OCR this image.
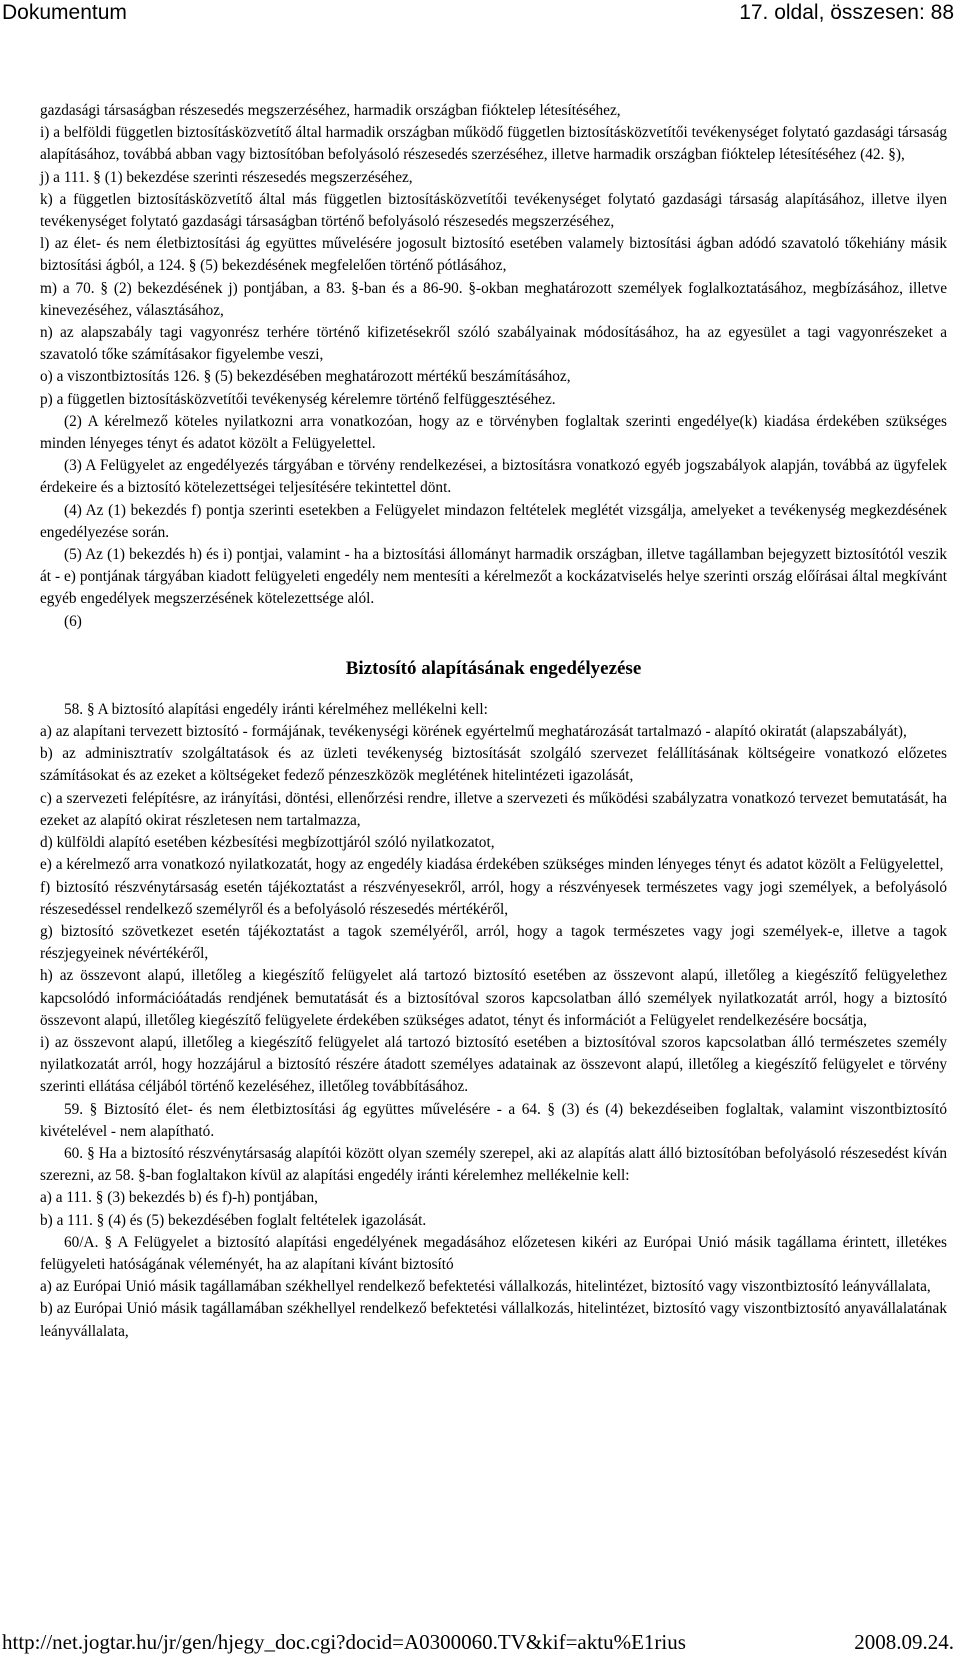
Dokumentum	17. oldal, összesen: 88

gazdasági társaságban részesedés megszerzéséhez, harmadik országban fióktelep létesítéséhez,

i) a belföldi független biztosításközvetítő által harmadik országban működő független biztosításközvetítői tevékenységet folytató gazdasági társaság alapításához, továbbá abban vagy biztosítóban befolyásoló részesedés szerzéséhez, illetve harmadik országban fióktelep létesítéséhez (42. §),

j) a 111. § (1) bekezdése szerinti részesedés megszerzéséhez,

k) a független biztosításközvetítő által más független biztosításközvetítői tevékenységet folytató gazdasági társaság alapításához, illetve ilyen tevékenységet folytató gazdasági társaságban történő befolyásoló részesedés megszerzéséhez,

l) az élet- és nem életbiztosítási ág együttes művelésére jogosult biztosító esetében valamely biztosítási ágban adódó szavatoló tőkehiány másik biztosítási ágból, a 124. § (5) bekezdésének megfelelően történő pótlásához,

m) a 70. § (2) bekezdésének j) pontjában, a 83. §-ban és a 86-90. §-okban meghatározott személyek foglalkoztatásához, megbízásához, illetve kinevezéséhez, választásához,

n) az alapszabály tagi vagyonrész terhére történő kifizetésekről szóló szabályainak módosításához, ha az egyesület a tagi vagyonrészeket a szavatoló tőke számításakor figyelembe veszi,

o) a viszontbiztosítás 126. § (5) bekezdésében meghatározott mértékű beszámításához,

p) a független biztosításközvetítői tevékenység kérelemre történő felfüggesztéséhez.

(2) A kérelmező köteles nyilatkozni arra vonatkozóan, hogy az e törvényben foglaltak szerinti engedélye(k) kiadása érdekében szükséges minden lényeges tényt és adatot közölt a Felügyelettel.

(3) A Felügyelet az engedélyezés tárgyában e törvény rendelkezései, a biztosításra vonatkozó egyéb jogszabályok alapján, továbbá az ügyfelek érdekeire és a biztosító kötelezettségei teljesítésére tekintettel dönt.

(4) Az (1) bekezdés f) pontja szerinti esetekben a Felügyelet mindazon feltételek meglétét vizsgálja, amelyeket a tevékenység megkezdésének engedélyezése során.

(5) Az (1) bekezdés h) és i) pontjai, valamint - ha a biztosítási állományt harmadik országban, illetve tagállamban bejegyzett biztosítótól veszik át - e) pontjának tárgyában kiadott felügyeleti engedély nem mentesíti a kérelmezőt a kockázatviselés helye szerinti ország előírásai által megkívánt egyéb engedélyek megszerzésének kötelezettsége alól.

(6)

Biztosító alapításának engedélyezése

58. § A biztosító alapítási engedély iránti kérelméhez mellékelni kell:

a) az alapítani tervezett biztosító - formájának, tevékenységi körének egyértelmű meghatározását tartalmazó - alapító okiratát (alapszabályát),

b) az adminisztratív szolgáltatások és az üzleti tevékenység biztosítását szolgáló szervezet felállításának költségeire vonatkozó előzetes számításokat és az ezeket a költségeket fedező pénzeszközök meglétének hitelintézeti igazolását,

c) a szervezeti felépítésre, az irányítási, döntési, ellenőrzési rendre, illetve a szervezeti és működési szabályzatra vonatkozó tervezet bemutatását, ha ezeket az alapító okirat részletesen nem tartalmazza,

d) külföldi alapító esetében kézbesítési megbízottjáról szóló nyilatkozatot,

e) a kérelmező arra vonatkozó nyilatkozatát, hogy az engedély kiadása érdekében szükséges minden lényeges tényt és adatot közölt a Felügyelettel,

f) biztosító részvénytársaság esetén tájékoztatást a részvényesekről, arról, hogy a részvényesek természetes vagy jogi személyek, a befolyásoló részesedéssel rendelkező személyről és a befolyásoló részesedés mértékéről,

g) biztosító szövetkezet esetén tájékoztatást a tagok személyéről, arról, hogy a tagok természetes vagy jogi személyek-e, illetve a tagok részjegyeinek névértékéről,

h) az összevont alapú, illetőleg a kiegészítő felügyelet alá tartozó biztosító esetében az összevont alapú, illetőleg a kiegészítő felügyelethez kapcsolódó információátadás rendjének bemutatását és a biztosítóval szoros kapcsolatban álló személyek nyilatkozatát arról, hogy a biztosító összevont alapú, illetőleg kiegészítő felügyelete érdekében szükséges adatot, tényt és információt a Felügyelet rendelkezésére bocsátja,

i) az összevont alapú, illetőleg a kiegészítő felügyelet alá tartozó biztosító esetében a biztosítóval szoros kapcsolatban álló természetes személy nyilatkozatát arról, hogy hozzájárul a biztosító részére átadott személyes adatainak az összevont alapú, illetőleg a kiegészítő felügyelet e törvény szerinti ellátása céljából történő kezeléséhez, illetőleg továbbításához.

59. § Biztosító élet- és nem életbiztosítási ág együttes művelésére - a 64. § (3) és (4) bekezdéseiben foglaltak, valamint viszontbiztosító kivételével - nem alapítható.

60. § Ha a biztosító részvénytársaság alapítói között olyan személy szerepel, aki az alapítás alatt álló biztosítóban befolyásoló részesedést kíván szerezni, az 58. §-ban foglaltakon kívül az alapítási engedély iránti kérelemhez mellékelnie kell:

a) a 111. § (3) bekezdés b) és f)-h) pontjában,

b) a 111. § (4) és (5) bekezdésében foglalt feltételek igazolását.

60/A. § A Felügyelet a biztosító alapítási engedélyének megadásához előzetesen kikéri az Európai Unió másik tagállama érintett, illetékes felügyeleti hatóságának véleményét, ha az alapítani kívánt biztosító

a) az Európai Unió másik tagállamában székhellyel rendelkező befektetési vállalkozás, hitelintézet, biztosító vagy viszontbiztosító leányvállalata,

b) az Európai Unió másik tagállamában székhellyel rendelkező befektetési vállalkozás, hitelintézet, biztosító vagy viszontbiztosító anyavállalatának leányvállalata,

http://net.jogtar.hu/jr/gen/hjegy_doc.cgi?docid=A0300060.TV&kif=aktu%E1rius	2008.09.24.
